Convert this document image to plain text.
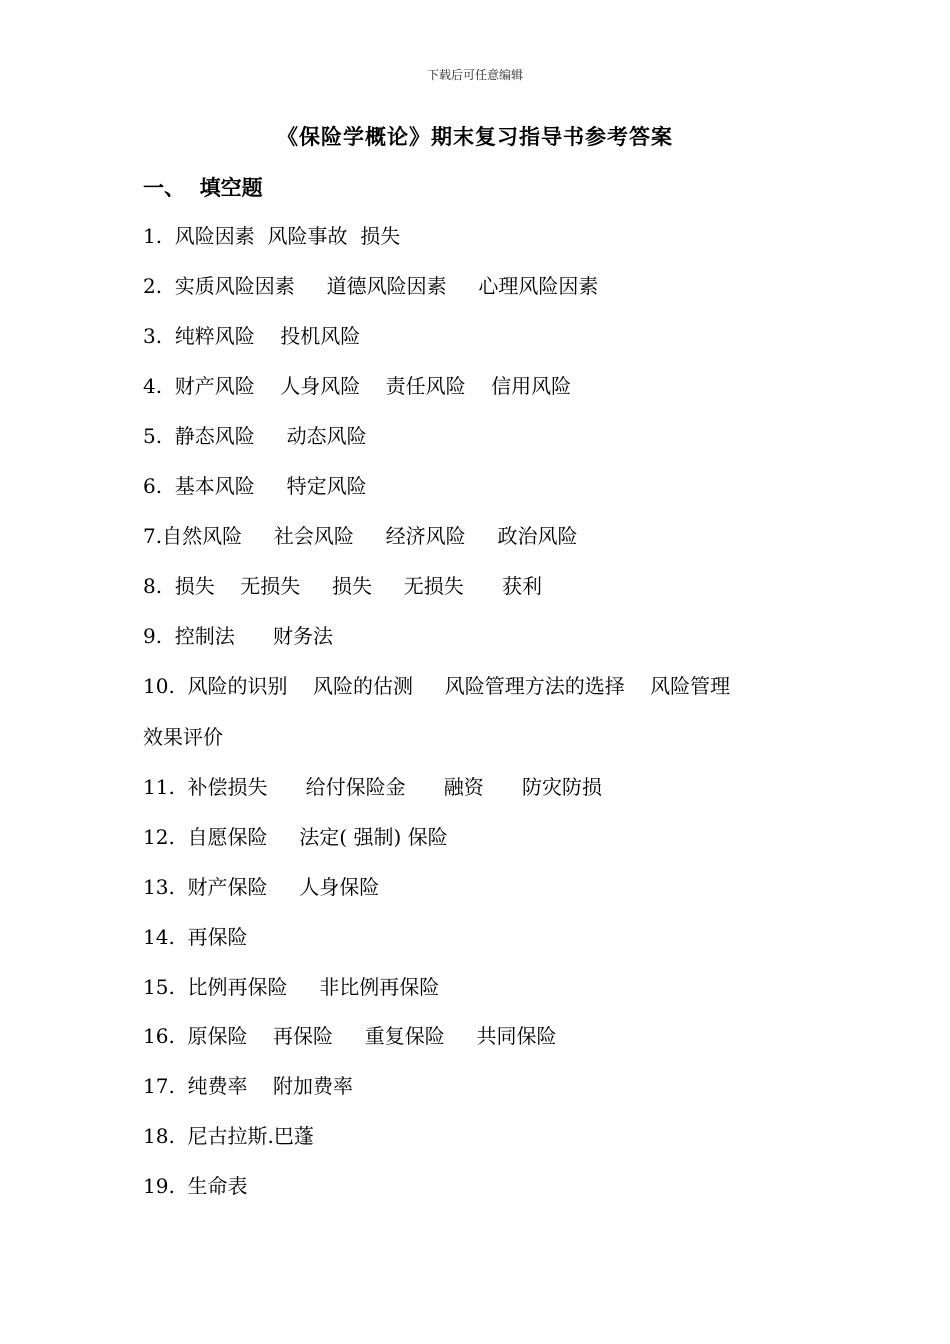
下载后可任意编辑
《保险学概论》期末复习指导书参考答案
一、  填空题
1.  风险因素  风险事故  损失
2.  实质风险因素     道德风险因素     心理风险因素
3.  纯粹风险    投机风险
4.  财产风险    人身风险    责任风险    信用风险
5.  静态风险     动态风险
6.  基本风险     特定风险
7.自然风险     社会风险     经济风险     政治风险
8.  损失    无损失     损失     无损失      获利
9.  控制法      财务法
10.  风险的识别    风险的估测     风险管理方法的选择    风险管理
效果评价
11.  补偿损失      给付保险金      融资      防灾防损
12.  自愿保险     法定( 强制) 保险
13.  财产保险     人身保险
14.  再保险
15.  比例再保险     非比例再保险
16.  原保险    再保险     重复保险     共同保险
17.  纯费率    附加费率
18.  尼古拉斯.巴蓬
19.  生命表
